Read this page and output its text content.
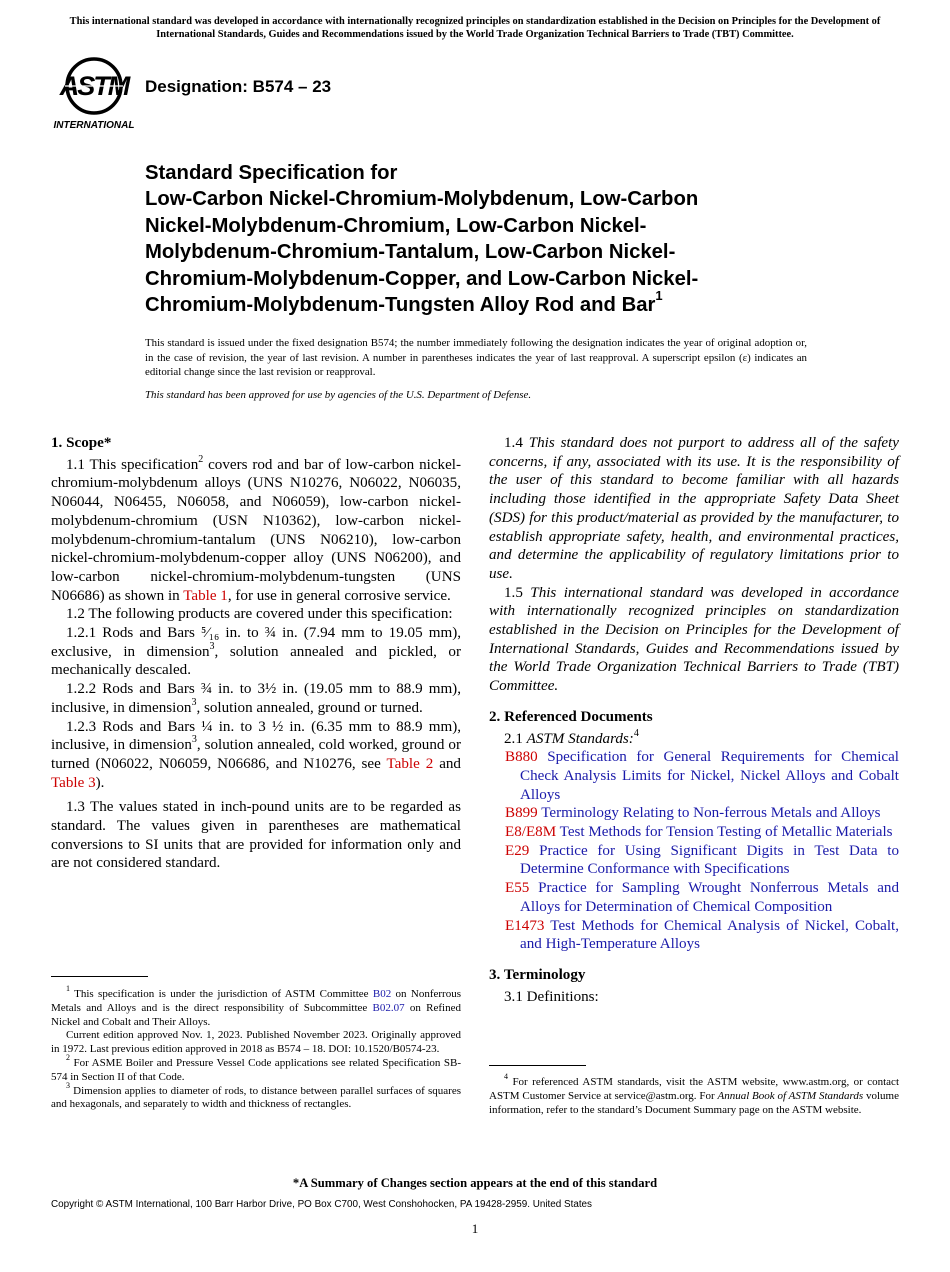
This international standard was developed in accordance with internationally recognized principles on standardization established in the Decision on Principles for the Development of International Standards, Guides and Recommendations issued by the World Trade Organization Technical Barriers to Trade (TBT) Committee.
ASTM
INTERNATIONAL
Designation: B574 – 23
Standard Specification for
Low-Carbon Nickel-Chromium-Molybdenum, Low-Carbon
Nickel-Molybdenum-Chromium, Low-Carbon Nickel-
Molybdenum-Chromium-Tantalum, Low-Carbon Nickel-
Chromium-Molybdenum-Copper, and Low-Carbon Nickel-
Chromium-Molybdenum-Tungsten Alloy Rod and Bar$^1$
This standard is issued under the fixed designation B574; the number immediately following the designation indicates the year of original adoption or, in the case of revision, the year of last revision. A number in parentheses indicates the year of last reapproval. A superscript epsilon (ε) indicates an editorial change since the last revision or reapproval.
This standard has been approved for use by agencies of the U.S. Department of Defense.

1. Scope*

1.1 This specification$^2$ covers rod and bar of low-carbon nickel-chromium-molybdenum alloys (UNS N10276, N06022, N06035, N06044, N06455, N06058, and N06059), low-carbon nickel-molybdenum-chromium (USN N10362), low-carbon nickel-molybdenum-chromium-tantalum (UNS N06210), low-carbon nickel-chromium-molybdenum-copper alloy (UNS N06200), and low-carbon nickel-chromium-molybdenum-tungsten (UNS N06686) as shown in Table 1, for use in general corrosive service.

1.2 The following products are covered under this specification:

1.2.1 Rods and Bars ⁵⁄₁₆ in. to ¾ in. (7.94 mm to 19.05 mm), exclusive, in dimension$^3$, solution annealed and pickled, or mechanically descaled.

1.2.2 Rods and Bars ¾ in. to 3½ in. (19.05 mm to 88.9 mm), inclusive, in dimension$^3$, solution annealed, ground or turned.

1.2.3 Rods and Bars ¼ in. to 3 ½ in. (6.35 mm to 88.9 mm), inclusive, in dimension$^3$, solution annealed, cold worked, ground or turned (N06022, N06059, N06686, and N10276, see Table 2 and Table 3).

1.3 The values stated in inch-pound units are to be regarded as standard. The values given in parentheses are mathematical conversions to SI units that are provided for information only and are not considered standard.

1.4 This standard does not purport to address all of the safety concerns, if any, associated with its use. It is the responsibility of the user of this standard to become familiar with all hazards including those identified in the appropriate Safety Data Sheet (SDS) for this product/material as provided by the manufacturer, to establish appropriate safety, health, and environmental practices, and determine the applicability of regulatory limitations prior to use.

1.5 This international standard was developed in accordance with internationally recognized principles on standardization established in the Decision on Principles for the Development of International Standards, Guides and Recommendations issued by the World Trade Organization Technical Barriers to Trade (TBT) Committee.

2. Referenced Documents

2.1 ASTM Standards:$^4$

B880 Specification for General Requirements for Chemical Check Analysis Limits for Nickel, Nickel Alloys and Cobalt Alloys

B899 Terminology Relating to Non-ferrous Metals and Alloys

E8/E8M Test Methods for Tension Testing of Metallic Materials

E29 Practice for Using Significant Digits in Test Data to Determine Conformance with Specifications

E55 Practice for Sampling Wrought Nonferrous Metals and Alloys for Determination of Chemical Composition

E1473 Test Methods for Chemical Analysis of Nickel, Cobalt, and High-Temperature Alloys

3. Terminology

3.1 Definitions:

$^1$ This specification is under the jurisdiction of ASTM Committee B02 on Nonferrous Metals and Alloys and is the direct responsibility of Subcommittee B02.07 on Refined Nickel and Cobalt and Their Alloys.

Current edition approved Nov. 1, 2023. Published November 2023. Originally approved in 1972. Last previous edition approved in 2018 as B574 – 18. DOI: 10.1520/B0574-23.

$^2$ For ASME Boiler and Pressure Vessel Code applications see related Specification SB-574 in Section II of that Code.

$^3$ Dimension applies to diameter of rods, to distance between parallel surfaces of squares and hexagonals, and separately to width and thickness of rectangles.

$^4$ For referenced ASTM standards, visit the ASTM website, www.astm.org, or contact ASTM Customer Service at service@astm.org. For Annual Book of ASTM Standards volume information, refer to the standard’s Document Summary page on the ASTM website.
*A Summary of Changes section appears at the end of this standard
Copyright © ASTM International, 100 Barr Harbor Drive, PO Box C700, West Conshohocken, PA 19428-2959. United States
1
